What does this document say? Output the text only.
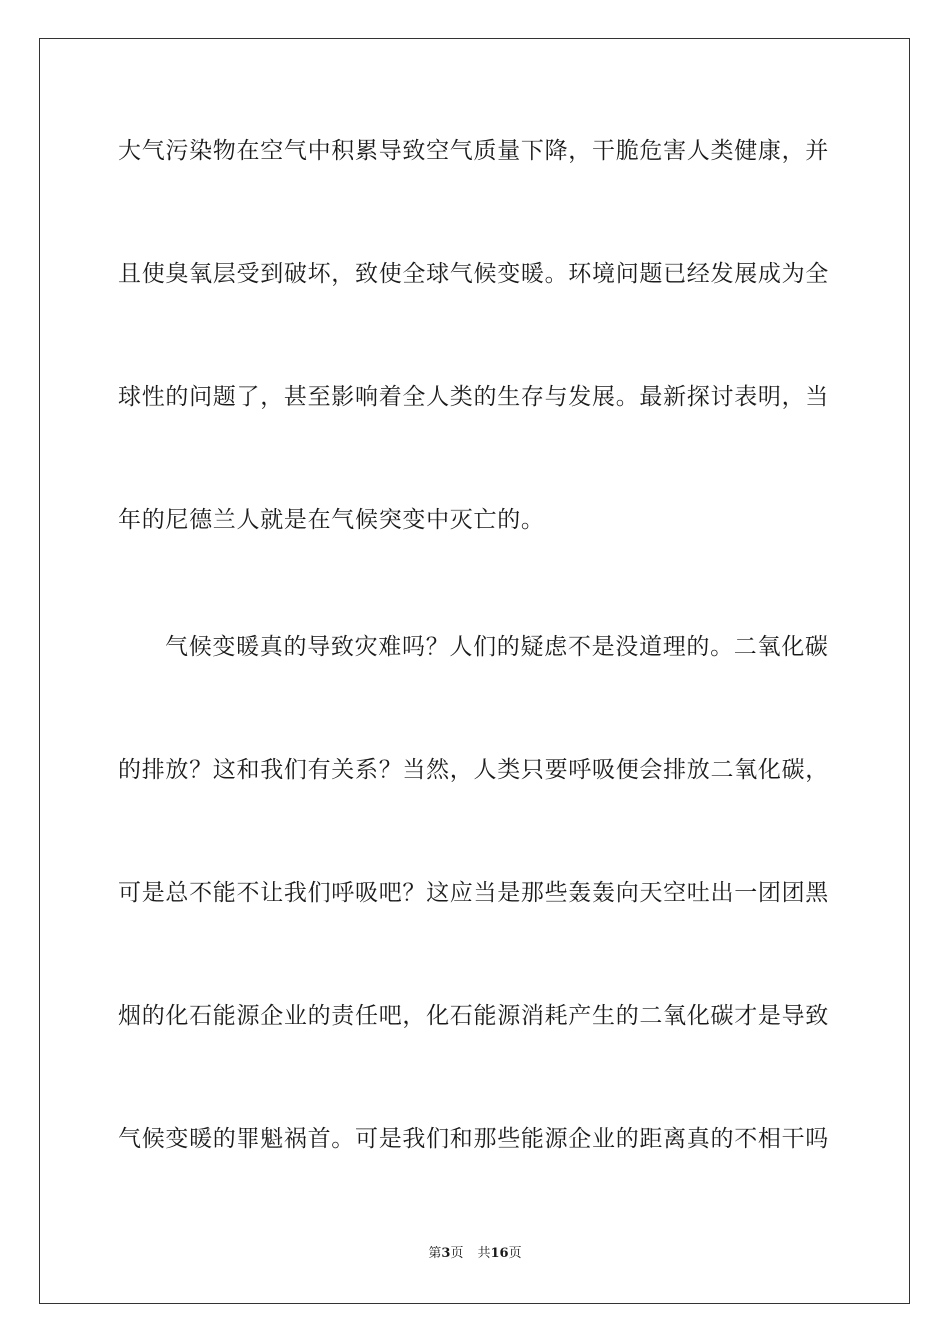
大气污染物在空气中积累导致空气质量下降，干脆危害人类健康，并
且使臭氧层受到破坏，致使全球气候变暖。环境问题已经发展成为全
球性的问题了，甚至影响着全人类的生存与发展。最新探讨表明，当
年的尼德兰人就是在气候突变中灭亡的。
气候变暖真的导致灾难吗？人们的疑虑不是没道理的。二氧化碳
的排放？这和我们有关系？当然，人类只要呼吸便会排放二氧化碳，
可是总不能不让我们呼吸吧？这应当是那些轰轰向天空吐出一团团黑
烟的化石能源企业的责任吧，化石能源消耗产生的二氧化碳才是导致
气候变暖的罪魁祸首。可是我们和那些能源企业的距离真的不相干吗
第3页 共16页
